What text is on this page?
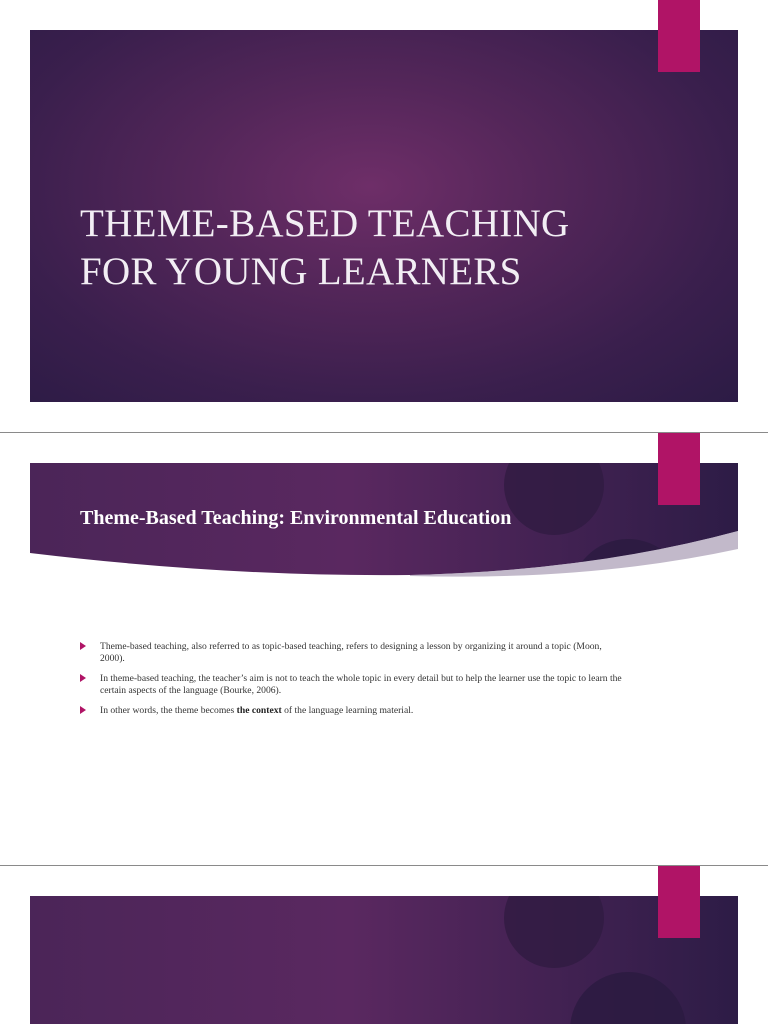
THEME-BASED TEACHING
FOR YOUNG LEARNERS
Theme-Based Teaching: Environmental Education
Theme-based teaching, also referred to as topic-based teaching, refers to designing a lesson by organizing it around a topic (Moon, 2000).
In theme-based teaching, the teacher’s aim is not to teach the whole topic in every detail but to help the learner use the topic to learn the certain aspects of the language (Bourke, 2006).
In other words, the theme becomes the context of the language learning material.
